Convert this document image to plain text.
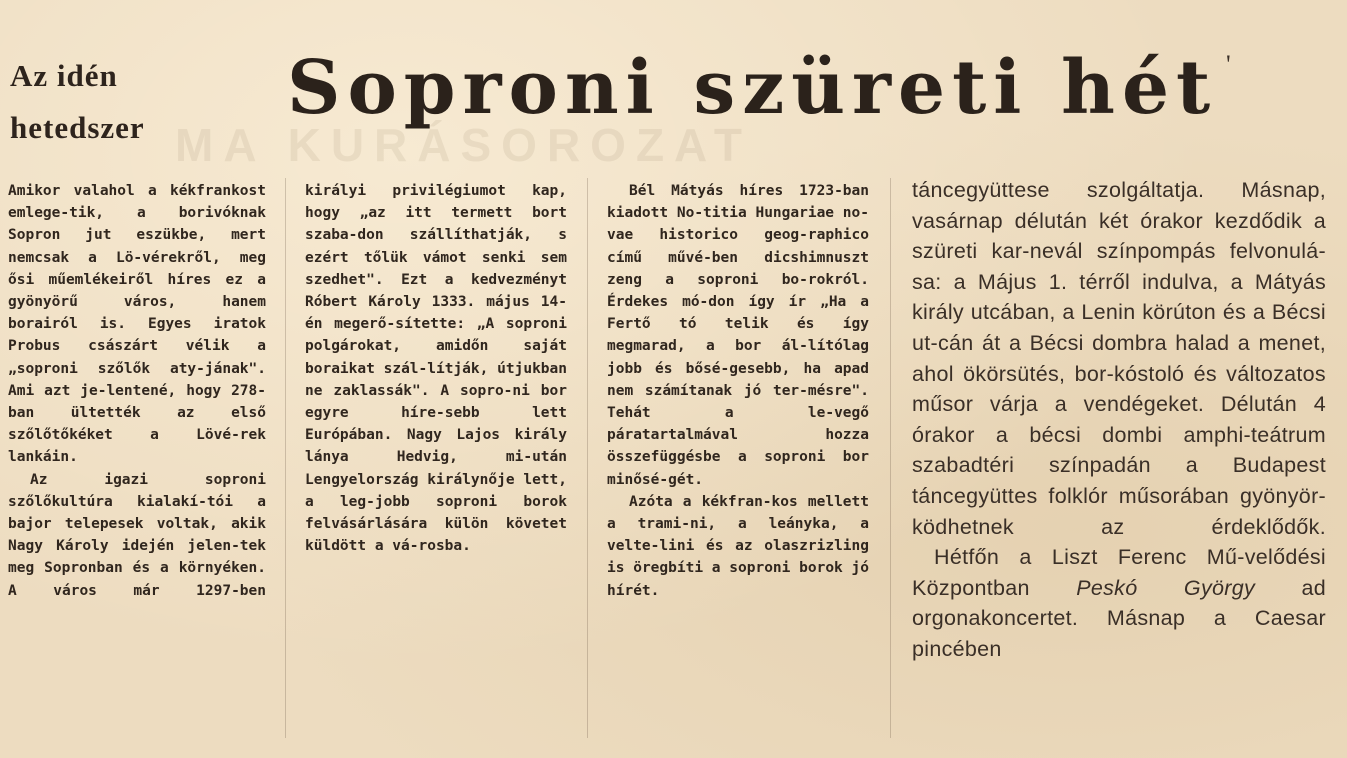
MA KURÁSOROZAT
Az idén
hetedszer	Soproni szüreti hét '

Amikor valahol a kékfrankost emlege-tik, a borivóknak Sopron jut eszükbe, mert nemcsak a Lö-vérekről, meg ősi műemlékeiről híres ez a gyönyörű város, hanem borairól is. Egyes iratok Probus császárt vélik a „soproni szőlők aty-jának". Ami azt je-lentené, hogy 278-ban ültették az első szőlőtőkéket a Lövé-rek lankáin.

Az igazi soproni szőlőkultúra kialakí-tói a bajor telepesek voltak, akik Nagy Károly idején jelen-tek meg Sopronban és a környéken. A város már 1297-ben

királyi privilégiumot kap, hogy „az itt termett bort szaba-don szállíthatják, s ezért tőlük vámot senki sem szedhet". Ezt a kedvezményt Róbert Károly 1333. május 14-én megerő-sítette: „A soproni polgárokat, amidőn saját boraikat szál-lítják, útjukban ne zaklassák". A sopro-ni bor egyre híre-sebb lett Európában. Nagy Lajos király lánya Hedvig, mi-után Lengyelország királynője lett, a leg-jobb soproni borok felvásárlására külön követet küldött a vá-rosba.

Bél Mátyás híres 1723-ban kiadott No-titia Hungariae no-vae historico geog-raphico című művé-ben dicshimnuszt zeng a soproni bo-rokról. Érdekes mó-don így ír „Ha a Fertő tó telik és így megmarad, a bor ál-lítólag jobb és bősé-gesebb, ha apad nem számítanak jó ter-mésre". Tehát a le-vegő páratartalmával hozza összefüggésbe a soproni bor minősé-gét.

Azóta a kékfran-kos mellett a trami-ni, a leányka, a velte-lini és az olaszrizling is öregbíti a soproni borok jó hírét.

táncegyüttese szolgáltatja. Másnap, vasárnap délután két órakor kezdődik a szüreti kar-nevál színpompás felvonulá-sa: a Május 1. térről indulva, a Mátyás király utcában, a Lenin körúton és a Bécsi ut-cán át a Bécsi dombra halad a menet, ahol ökörsütés, bor-kóstoló és változatos műsor várja a vendégeket. Délután 4 órakor a bécsi dombi amphi-teátrum szabadtéri színpadán a Budapest táncegyüttes folklór műsorában gyönyör-ködhetnek az érdeklődők.

Hétfőn a Liszt Ferenc Mű-velődési Központban Peskó György ad orgonakoncertet. Másnap a Caesar pincében
